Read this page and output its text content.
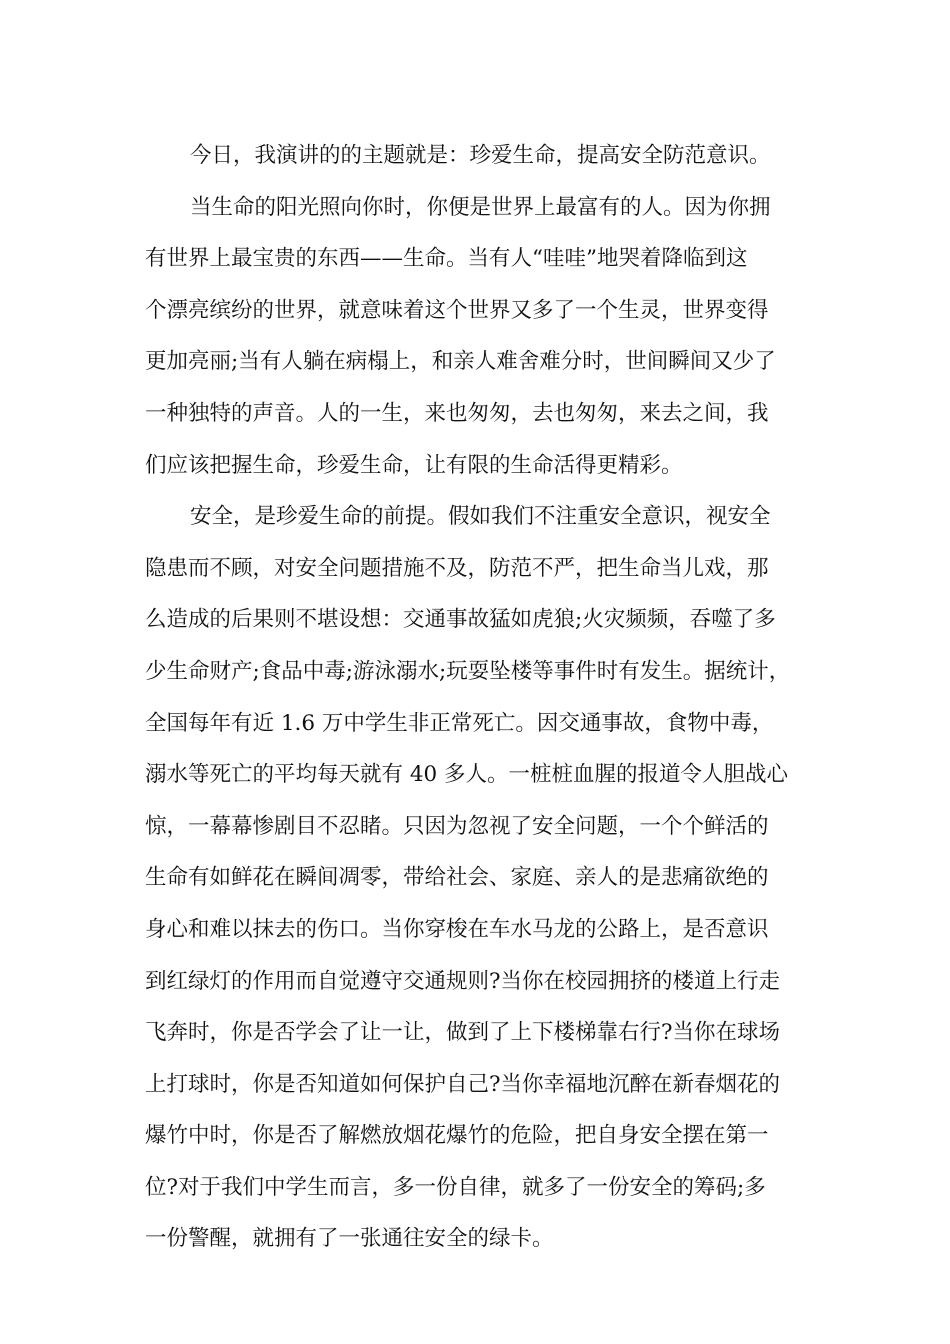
今日，我演讲的的主题就是：珍爱生命，提高安全防范意识。
当生命的阳光照向你时，你便是世界上最富有的人。因为你拥
有世界上最宝贵的东西——生命。当有人“哇哇”地哭着降临到这
个漂亮缤纷的世界，就意味着这个世界又多了一个生灵，世界变得
更加亮丽;当有人躺在病榻上，和亲人难舍难分时，世间瞬间又少了
一种独特的声音。人的一生，来也匆匆，去也匆匆，来去之间，我
们应该把握生命，珍爱生命，让有限的生命活得更精彩。
安全，是珍爱生命的前提。假如我们不注重安全意识，视安全
隐患而不顾，对安全问题措施不及，防范不严，把生命当儿戏，那
么造成的后果则不堪设想：交通事故猛如虎狼;火灾频频，吞噬了多
少生命财产;食品中毒;游泳溺水;玩耍坠楼等事件时有发生。据统计，
全国每年有近 1.6 万中学生非正常死亡。因交通事故，食物中毒，
溺水等死亡的平均每天就有 40 多人。一桩桩血腥的报道令人胆战心
惊，一幕幕惨剧目不忍睹。只因为忽视了安全问题，一个个鲜活的
生命有如鲜花在瞬间凋零，带给社会、家庭、亲人的是悲痛欲绝的
身心和难以抹去的伤口。当你穿梭在车水马龙的公路上，是否意识
到红绿灯的作用而自觉遵守交通规则?当你在校园拥挤的楼道上行走
飞奔时，你是否学会了让一让，做到了上下楼梯靠右行?当你在球场
上打球时，你是否知道如何保护自己?当你幸福地沉醉在新春烟花的
爆竹中时，你是否了解燃放烟花爆竹的危险，把自身安全摆在第一
位?对于我们中学生而言，多一份自律，就多了一份安全的筹码;多
一份警醒，就拥有了一张通往安全的绿卡。
